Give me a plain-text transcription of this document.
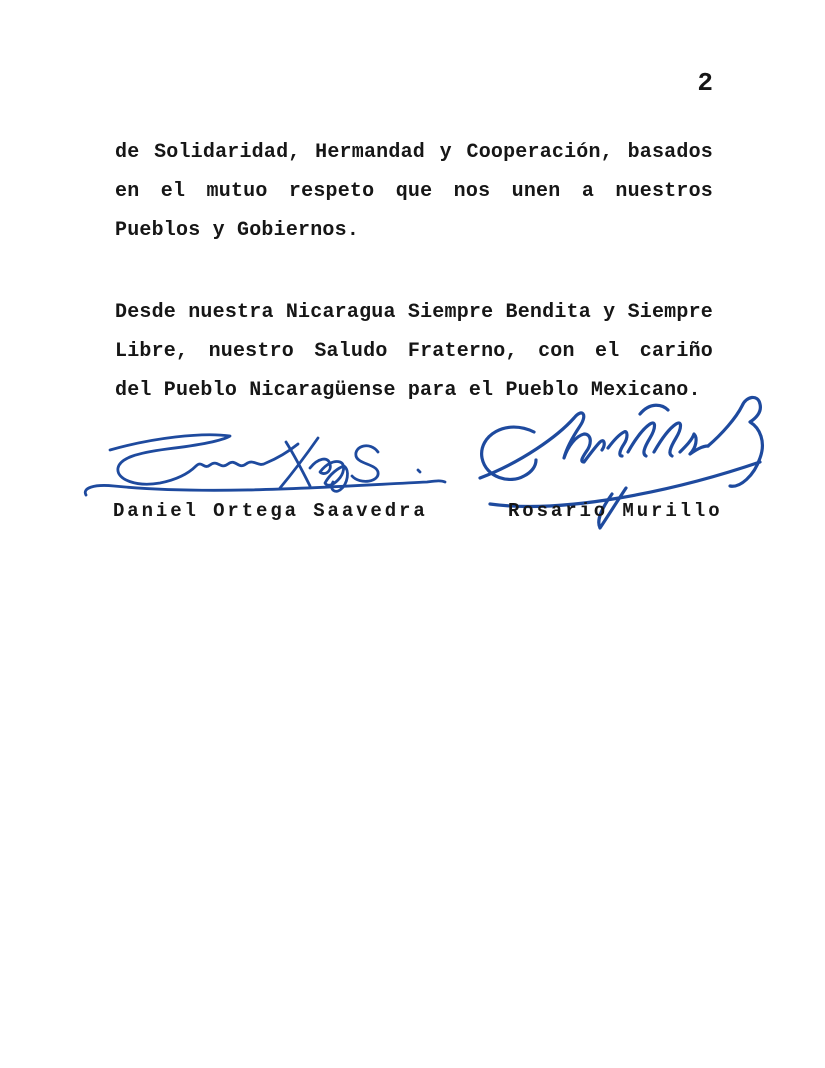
2
de Solidaridad, Hermandad y Cooperación, basados
en el mutuo respeto que nos unen a nuestros
Pueblos y Gobiernos.
Desde nuestra Nicaragua Siempre Bendita y Siempre
Libre, nuestro Saludo Fraterno, con el cariño
del Pueblo Nicaragüense para el Pueblo Mexicano.
Daniel Ortega Saavedra	Rosario Murillo
